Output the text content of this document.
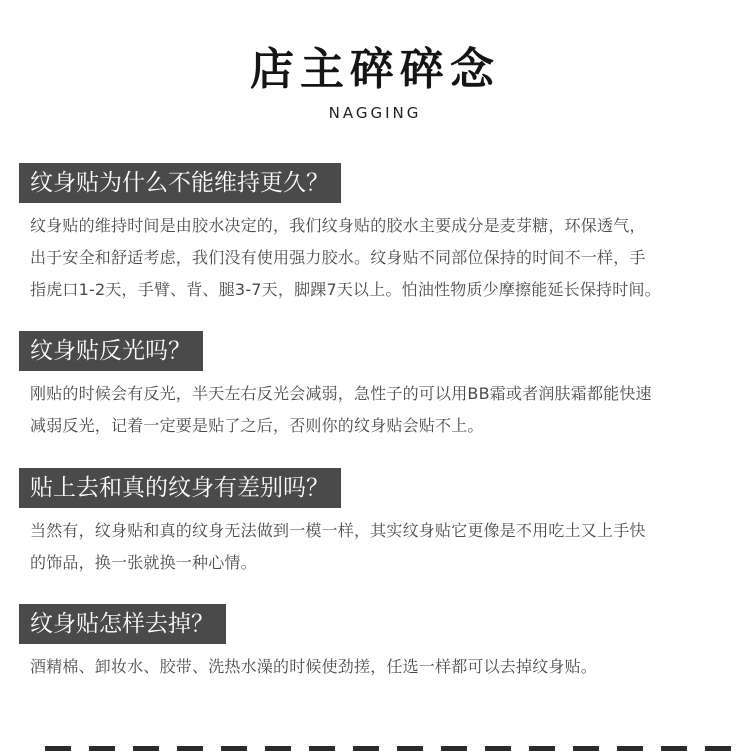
店主碎碎念
NAGGING
纹身贴为什么不能维持更久？
纹身贴的维持时间是由胶水决定的，我们纹身贴的胶水主要成分是麦芽糖，环保透气，
出于安全和舒适考虑，我们没有使用强力胶水。纹身贴不同部位保持的时间不一样，手
指虎口1-2天，手臂、背、腿3-7天，脚踝7天以上。怕油性物质少摩擦能延长保持时间。
纹身贴反光吗？
刚贴的时候会有反光，半天左右反光会减弱，急性子的可以用BB霜或者润肤霜都能快速
减弱反光，记着一定要是贴了之后，否则你的纹身贴会贴不上。
贴上去和真的纹身有差别吗？
当然有，纹身贴和真的纹身无法做到一模一样，其实纹身贴它更像是不用吃土又上手快
的饰品，换一张就换一种心情。
纹身贴怎样去掉？
酒精棉、卸妆水、胶带、洗热水澡的时候使劲搓，任选一样都可以去掉纹身贴。
